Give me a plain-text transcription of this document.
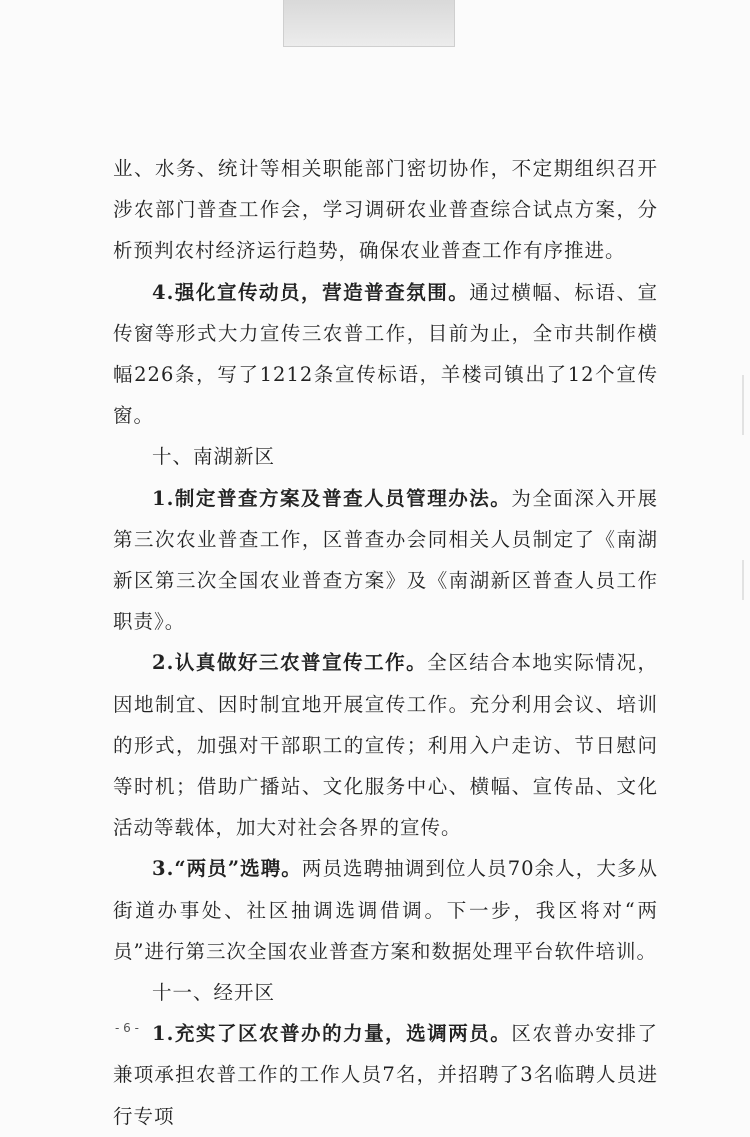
业、水务、统计等相关职能部门密切协作，不定期组织召开涉农部门普查工作会，学习调研农业普查综合试点方案，分析预判农村经济运行趋势，确保农业普查工作有序推进。

4.强化宣传动员，营造普查氛围。通过横幅、标语、宣传窗等形式大力宣传三农普工作，目前为止，全市共制作横幅226条，写了1212条宣传标语，羊楼司镇出了12个宣传窗。

十、南湖新区

1.制定普查方案及普查人员管理办法。为全面深入开展第三次农业普查工作，区普查办会同相关人员制定了《南湖新区第三次全国农业普查方案》及《南湖新区普查人员工作职责》。

2.认真做好三农普宣传工作。全区结合本地实际情况，因地制宜、因时制宜地开展宣传工作。充分利用会议、培训的形式，加强对干部职工的宣传；利用入户走访、节日慰问等时机；借助广播站、文化服务中心、横幅、宣传品、文化活动等载体，加大对社会各界的宣传。

3.“两员”选聘。两员选聘抽调到位人员70余人，大多从街道办事处、社区抽调选调借调。下一步，我区将对“两员”进行第三次全国农业普查方案和数据处理平台软件培训。

十一、经开区

1.充实了区农普办的力量，选调两员。区农普办安排了兼项承担农普工作的工作人员7名，并招聘了3名临聘人员进行专项

- 6 -
